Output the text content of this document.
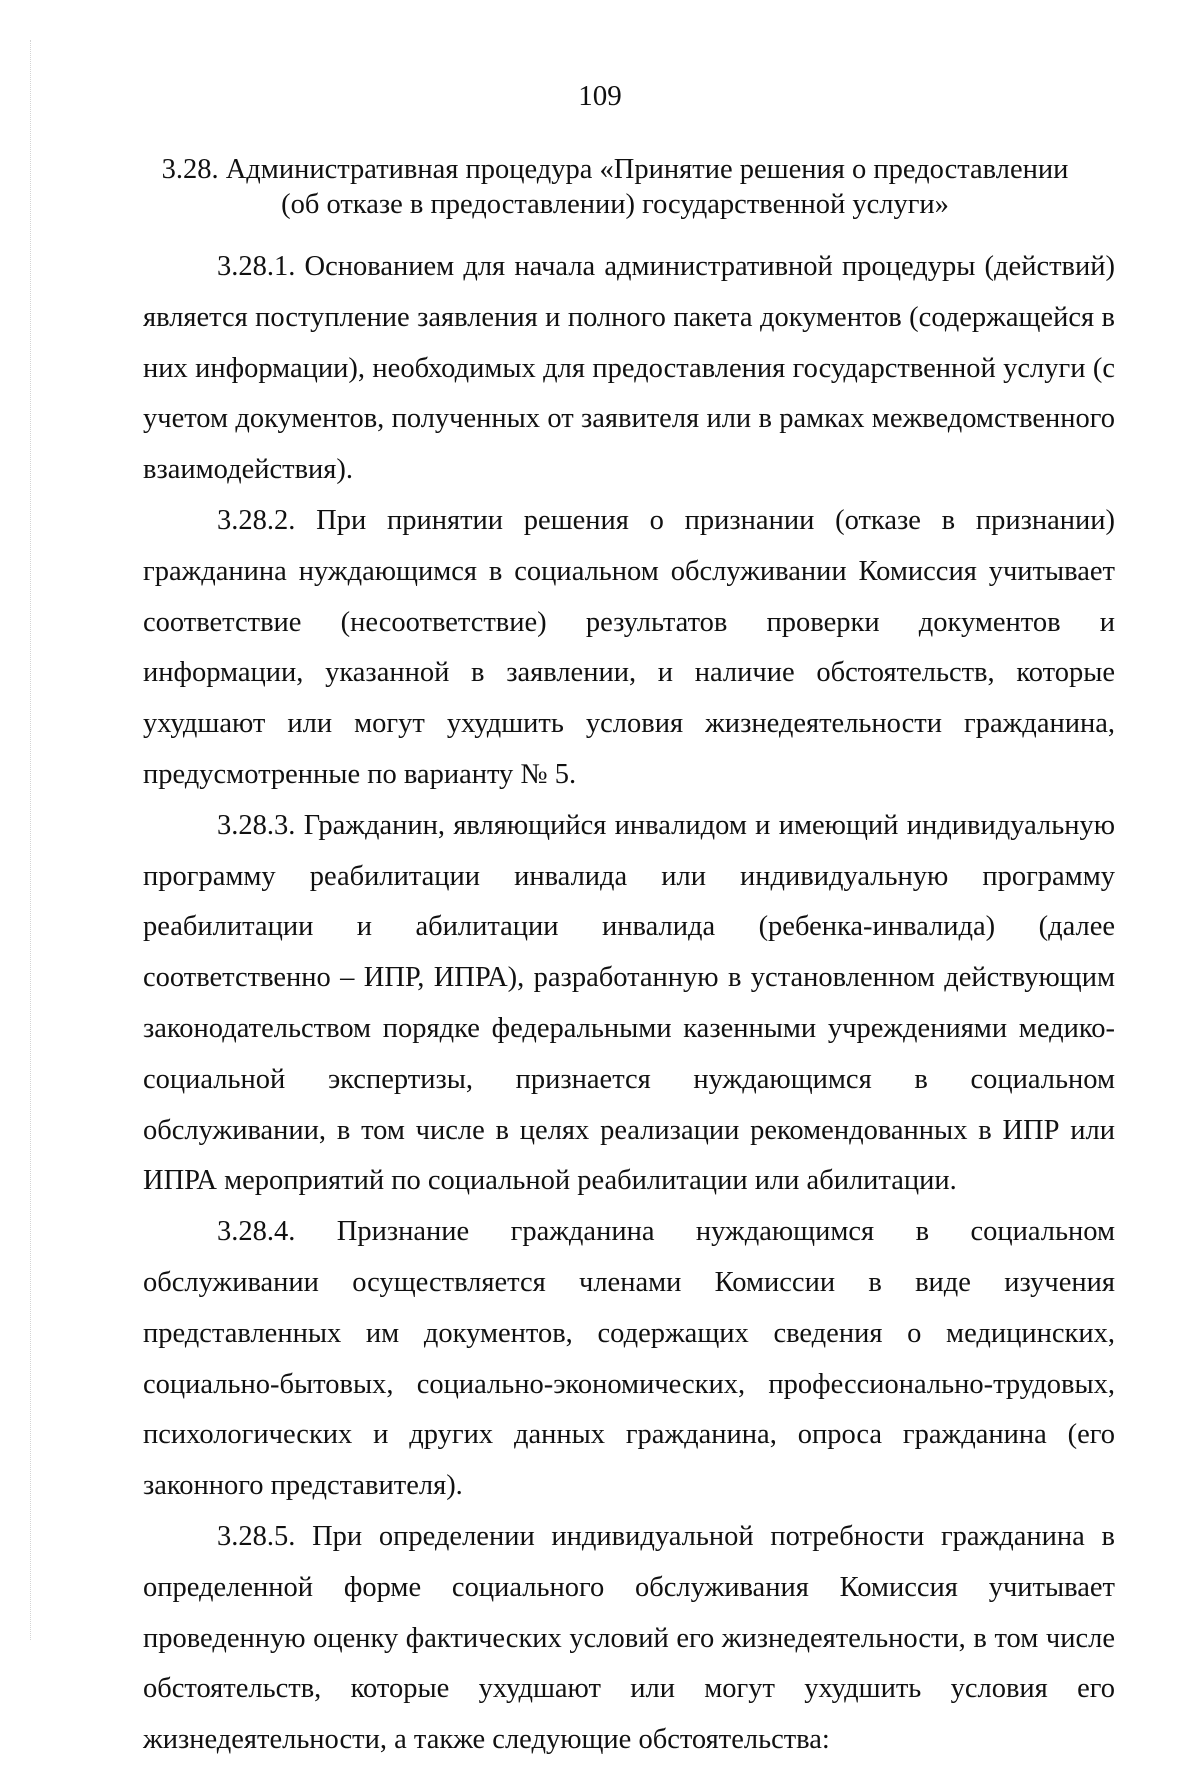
109
3.28. Административная процедура «Принятие решения о предоставлении
(об отказе в предоставлении) государственной услуги»

3.28.1. Основанием для начала административной процедуры (действий) является поступление заявления и полного пакета документов (содержащейся в них информации), необходимых для предоставления государственной услуги (с учетом документов, полученных от заявителя или в рамках межведомственного взаимодействия).

3.28.2. При принятии решения о признании (отказе в признании) гражданина нуждающимся в социальном обслуживании Комиссия учитывает соответствие (несоответствие) результатов проверки документов и информации, указанной в заявлении, и наличие обстоятельств, которые ухудшают или могут ухудшить условия жизнедеятельности гражданина, предусмотренные по варианту № 5.

3.28.3. Гражданин, являющийся инвалидом и имеющий индивидуальную программу реабилитации инвалида или индивидуальную программу реабилитации и абилитации инвалида (ребенка-инвалида) (далее соответственно – ИПР, ИПРА), разработанную в установленном действующим законодательством порядке федеральными казенными учреждениями медико-социальной экспертизы, признается нуждающимся в социальном обслуживании, в том числе в целях реализации рекомендованных в ИПР или ИПРА мероприятий по социальной реабилитации или абилитации.

3.28.4. Признание гражданина нуждающимся в социальном обслуживании осуществляется членами Комиссии в виде изучения представленных им документов, содержащих сведения о медицинских, социально-бытовых, социально-экономических, профессионально-трудовых, психологических и других данных гражданина, опроса гражданина (его законного представителя).

3.28.5. При определении индивидуальной потребности гражданина в определенной форме социального обслуживания Комиссия учитывает проведенную оценку фактических условий его жизнедеятельности, в том числе обстоятельств, которые ухудшают или могут ухудшить условия его жизнедеятельности, а также следующие обстоятельства:
